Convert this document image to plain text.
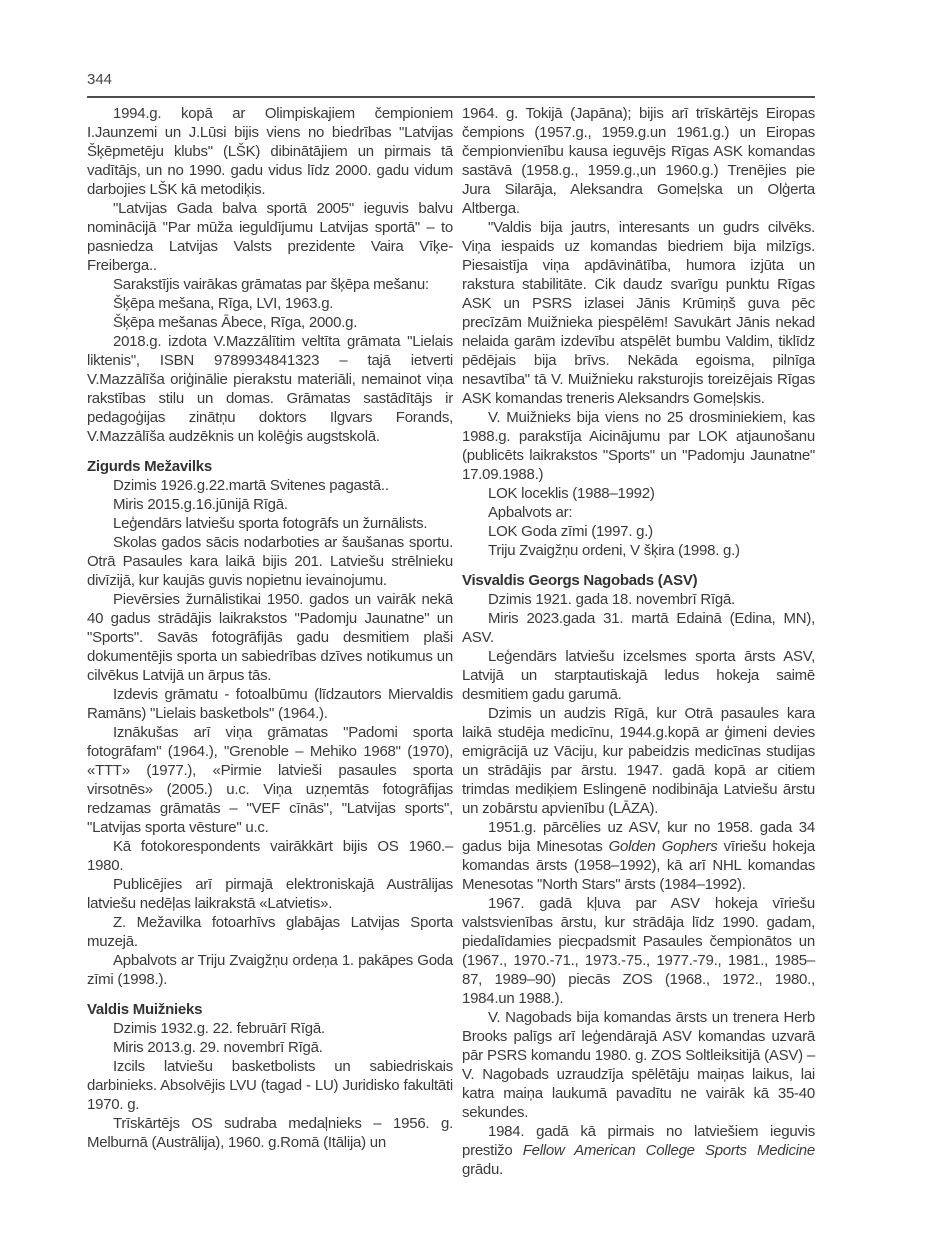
344

1994.g. kopā ar Olimpiskajiem čempioniem I.Jaunzemi un J.Lūsi bijis viens no biedrības "Latvijas Šķēpmetēju klubs" (LŠK) dibinātājiem un pirmais tā vadītājs, un no 1990. gadu vidus līdz 2000. gadu vidum darbojies LŠK kā metodiķis.

"Latvijas Gada balva sportā 2005" ieguvis balvu nominācijā "Par mūža ieguldījumu Latvijas sportā" – to pasniedza Latvijas Valsts prezidente Vaira Vīķe-Freiberga..

Sarakstījis vairākas grāmatas par šķēpa mešanu:

Šķēpa mešana, Rīga, LVI, 1963.g.

Šķēpa mešanas Ābece, Rīga, 2000.g.

2018.g. izdota V.Mazzālītim veltīta grāmata "Lielais liktenis", ISBN 9789934841323 – tajā ietverti V.Mazzālīša oriģinālie pierakstu materiāli, nemainot viņa rakstības stilu un domas. Grāmatas sastādītājs ir pedagoģijas zinātņu doktors Ilgvars Forands, V.Mazzālīša audzēknis un kolēģis augstskolā.

Zigurds Mežavilks

Dzimis 1926.g.22.martā Svitenes pagastā..

Miris 2015.g.16.jūnijā Rīgā.

Leģendārs latviešu sporta fotogrāfs un žurnālists.

Skolas gados sācis nodarboties ar šaušanas sportu. Otrā Pasaules kara laikā bijis 201. Latviešu strēlnieku divīzijā, kur kaujās guvis nopietnu ievainojumu.

Pievērsies žurnālistikai 1950. gados un vairāk nekā 40 gadus strādājis laikrakstos "Padomju Jaunatne" un "Sports". Savās fotogrāfijās gadu desmitiem plaši dokumentējis sporta un sabiedrības dzīves notikumus un cilvēkus Latvijā un ārpus tās.

Izdevis grāmatu - fotoalbūmu (līdzautors Miervaldis Ramāns) "Lielais basketbols" (1964.).

Iznākušas arī viņa grāmatas "Padomi sporta fotogrāfam" (1964.), "Grenoble – Mehiko 1968" (1970), «TTT» (1977.), «Pirmie latvieši pasaules sporta virsotnēs» (2005.) u.c. Viņa uzņemtās fotogrāfijas redzamas grāmatās – "VEF cīnās", "Latvijas sports", "Latvijas sporta vēsture" u.c.

Kā fotokorespondents vairākkārt bijis OS 1960.–1980.

Publicējies arī pirmajā elektroniskajā Austrālijas latviešu nedēļas laikrakstā «Latvietis».

Z. Mežavilka fotoarhīvs glabājas Latvijas Sporta muzejā.

Apbalvots ar Triju Zvaigžņu ordeņa 1. pakāpes Goda zīmi (1998.).

Valdis Muižnieks

Dzimis 1932.g. 22. februārī Rīgā.

Miris 2013.g. 29. novembrī Rīgā.

Izcils latviešu basketbolists un sabiedriskais darbinieks. Absolvējis LVU (tagad - LU) Juridisko fakultāti 1970. g.

Trīskārtējs OS sudraba medaļnieks – 1956. g. Melburnā (Austrālija), 1960. g.Romā (Itālija) un

1964. g. Tokijā (Japāna); bijis arī trīskārtējs Eiropas čempions (1957.g., 1959.g.un 1961.g.) un Eiropas čempionvienību kausa ieguvējs Rīgas ASK komandas sastāvā (1958.g., 1959.g.,un 1960.g.) Trenējies pie Jura Silarāja, Aleksandra Gomeļska un Olģerta Altberga.

"Valdis bija jautrs, interesants un gudrs cilvēks. Viņa iespaids uz komandas biedriem bija milzīgs. Piesaistīja viņa apdāvinātība, humora izjūta un rakstura stabilitāte. Cik daudz svarīgu punktu Rīgas ASK un PSRS izlasei Jānis Krūmiņš guva pēc precīzām Muižnieka piespēlēm! Savukārt Jānis nekad nelaida garām izdevību atspēlēt bumbu Valdim, tiklīdz pēdējais bija brīvs. Nekāda egoisma, pilnīga nesavtība" tā V. Muižnieku raksturojis toreizējais Rīgas ASK komandas treneris Aleksandrs Gomeļskis.

V. Muižnieks bija viens no 25 drosminiekiem, kas 1988.g. parakstīja Aicinājumu par LOK atjaunošanu (publicēts laikrakstos "Sports" un "Padomju Jaunatne" 17.09.1988.)

LOK loceklis (1988–1992)

Apbalvots ar:

LOK Goda zīmi (1997. g.)

Triju Zvaigžņu ordeni, V šķira (1998. g.)

Visvaldis Georgs Nagobads (ASV)

Dzimis 1921. gada 18. novembrī Rīgā.

Miris 2023.gada 31. martā Edainā (Edina, MN), ASV.

Leģendārs latviešu izcelsmes sporta ārsts ASV, Latvijā un starptautiskajā ledus hokeja saimē desmitiem gadu garumā.

Dzimis un audzis Rīgā, kur Otrā pasaules kara laikā studēja medicīnu, 1944.g.kopā ar ģimeni devies emigrācijā uz Vāciju, kur pabeidzis medicīnas studijas un strādājis par ārstu. 1947. gadā kopā ar citiem trimdas mediķiem Eslingenē nodibināja Latviešu ārstu un zobārstu apvienību (LĀZA).

1951.g. pārcēlies uz ASV, kur no 1958. gada 34 gadus bija Minesotas Golden Gophers vīriešu hokeja komandas ārsts (1958–1992), kā arī NHL komandas Menesotas "North Stars" ārsts (1984–1992).

1967. gadā kļuva par ASV hokeja vīriešu valstsvienības ārstu, kur strādāja līdz 1990. gadam, piedalīdamies piecpadsmit Pasaules čempionātos un (1967., 1970.-71., 1973.-75., 1977.-79., 1981., 1985–87, 1989–90) piecās ZOS (1968., 1972., 1980., 1984.un 1988.).

V. Nagobads bija komandas ārsts un trenera Herb Brooks palīgs arī leģendārajā ASV komandas uzvarā pār PSRS komandu 1980. g. ZOS Soltleiksitijā (ASV) – V. Nagobads uzraudzīja spēlētāju maiņas laikus, lai katra maiņa laukumā pavadītu ne vairāk kā 35-40 sekundes.

1984. gadā kā pirmais no latviešiem ieguvis prestižo Fellow American College Sports Medicine grādu.
